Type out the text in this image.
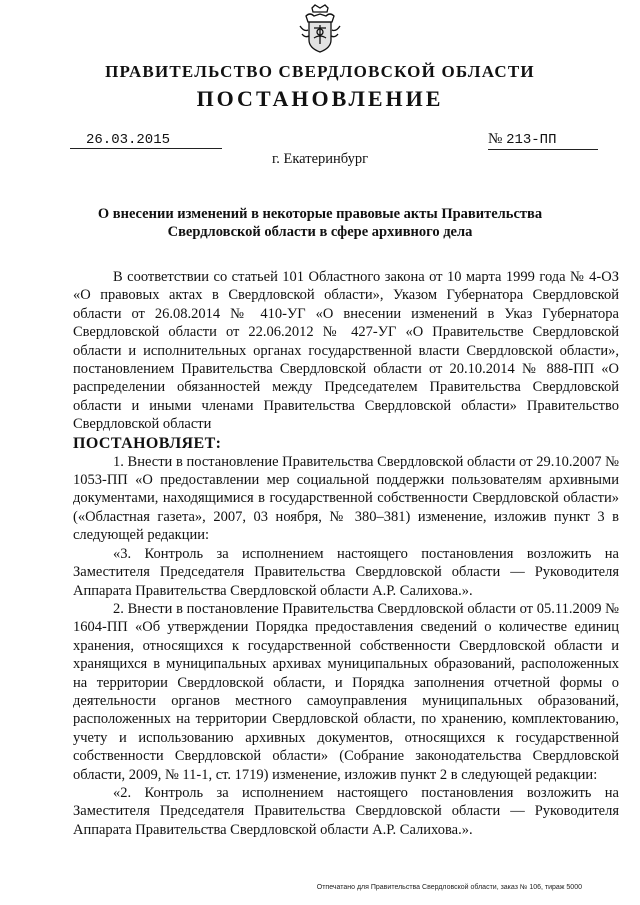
ПРАВИТЕЛЬСТВО СВЕРДЛОВСКОЙ ОБЛАСТИ
ПОСТАНОВЛЕНИЕ
26.03.2015	№ 213-ПП
г. Екатеринбург
О внесении изменений в некоторые правовые акты Правительства
Свердловской области в сфере архивного дела

В соответствии со статьей 101 Областного закона от 10 марта 1999 года № 4-ОЗ «О правовых актах в Свердловской области», Указом Губернатора Свердловской области от 26.08.2014 № 410-УГ «О внесении изменений в Указ Губернатора Свердловской области от 22.06.2012 № 427-УГ «О Правительстве Свердловской области и исполнительных органах государственной власти Свердловской области», постановлением Правительства Свердловской области от 20.10.2014 № 888-ПП «О распределении обязанностей между Председателем Правительства Свердловской области и иными членами Правительства Свердловской области» Правительство Свердловской области

ПОСТАНОВЛЯЕТ:

1. Внести в постановление Правительства Свердловской области от 29.10.2007 № 1053-ПП «О предоставлении мер социальной поддержки пользователям архивными документами, находящимися в государственной собственности Свердловской области» («Областная газета», 2007, 03 ноября, № 380–381) изменение, изложив пункт 3 в следующей редакции:

«3. Контроль за исполнением настоящего постановления возложить на Заместителя Председателя Правительства Свердловской области — Руководителя Аппарата Правительства Свердловской области А.Р. Салихова.».

2. Внести в постановление Правительства Свердловской области от 05.11.2009 № 1604-ПП «Об утверждении Порядка предоставления сведений о количестве единиц хранения, относящихся к государственной собственности Свердловской области и хранящихся в муниципальных архивах муниципальных образований, расположенных на территории Свердловской области, и Порядка заполнения отчетной формы о деятельности органов местного самоуправления муниципальных образований, расположенных на территории Свердловской области, по хранению, комплектованию, учету и использованию архивных документов, относящихся к государственной собственности Свердловской области» (Собрание законодательства Свердловской области, 2009, № 11-1, ст. 1719) изменение, изложив пункт 2 в следующей редакции:

«2. Контроль за исполнением настоящего постановления возложить на Заместителя Председателя Правительства Свердловской области — Руководителя Аппарата Правительства Свердловской области А.Р. Салихова.».

Отпечатано для Правительства Свердловской области, заказ № 106, тираж 5000
